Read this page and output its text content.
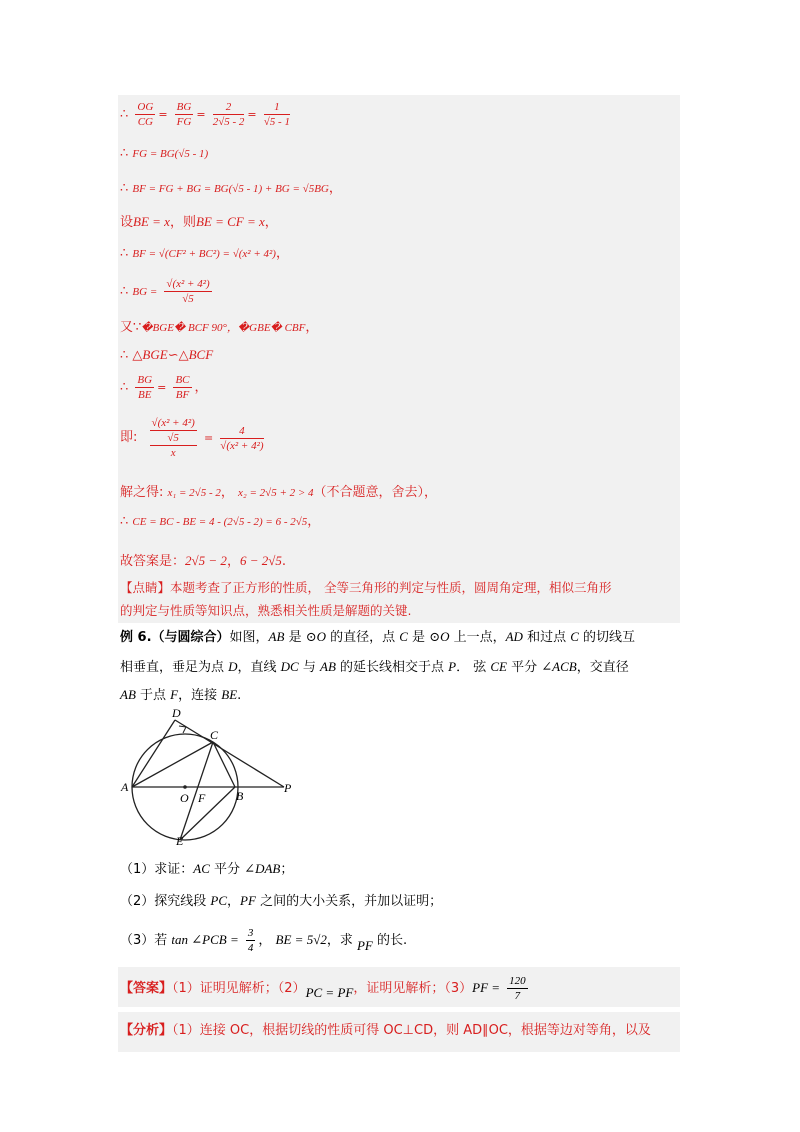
∴ $\frac{OG}{CG} = \frac{BG}{FG} = \frac{2}{2√5 - 2} = \frac{1}{√5 - 1}$
∴ FG = BG(√5 - 1)
∴ BF = FG + BG = BG(√5 - 1) + BG = √5BG，
设BE = x，则BE = CF = x，
∴ BF = √(CF² + BC²) = √(x² + 4²)，
∴ BG = $\frac{\text{√(x² + 4²)}}{√5}$
又∵�BGE� BCF 90°，�GBE� CBF，
∴ △BGE∽△BCF
∴ $\frac{BG}{BE} = \frac{BC}{BF}$ ，
即:
√(x² + 4²)
√5
x
= $\frac{4}{\text{√(x² + 4²)}}$
解之得: x₁ = 2√5 - 2， x₂ = 2√5 + 2 > 4（不合题意，舍去），
∴ CE = BC - BE = 4 - (2√5 - 2) = 6 - 2√5，
故答案是：2√5 − 2，6 − 2√5.
【点睛】本题考查了正方形的性质， 全等三角形的判定与性质，圆周角定理，相似三角形
的判定与性质等知识点，熟悉相关性质是解题的关键.
例 6.（与圆综合）如图，AB 是 ⊙O 的直径，点 C 是 ⊙O 上一点，AD 和过点 C 的切线互
相垂直，垂足为点 D，直线 DC 与 AB 的延长线相交于点 P． 弦 CE 平分 ∠ACB，交直径
AB 于点 F，连接 BE.
D
C
A
O F	B
P
E
（1）求证：AC 平分 ∠DAB；
（2）探究线段 PC，PF 之间的大小关系，并加以证明；
（3）若 tan ∠PCB = $\frac{3}{4}$ ， BE = 5√2，求 PF 的长.
【答案】（1）证明见解析；（2）PC = PF，证明见解析；$(3)PF = \frac{120}{7}$
【分析】（1）连接 OC，根据切线的性质可得 OC⊥CD，则 AD∥OC，根据等边对等角，以及
